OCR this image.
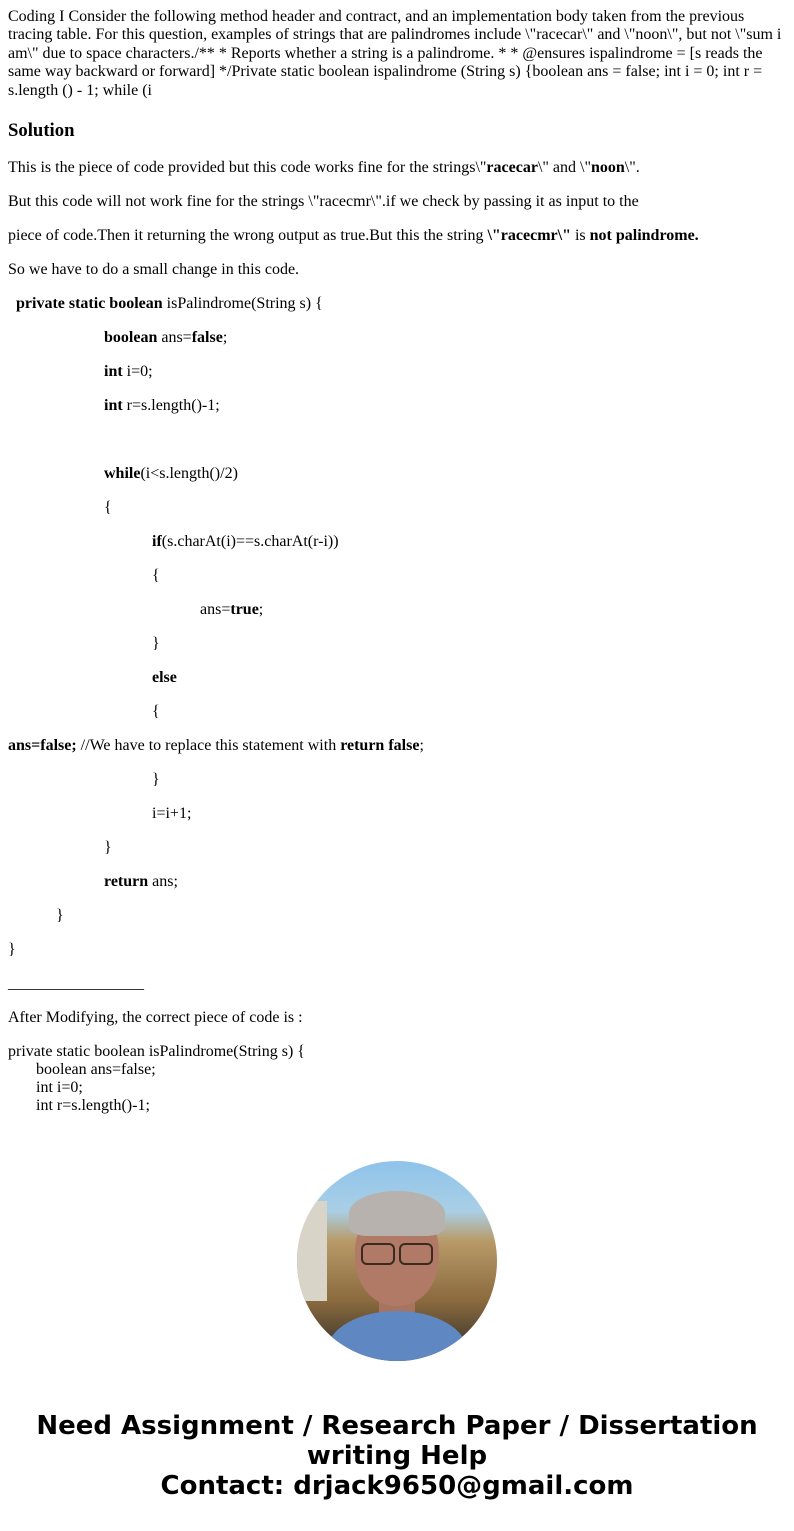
Coding I Consider the following method header and contract, and an implementation body taken from the previous tracing table. For this question, examples of strings that are palindromes include \"racecar\" and \"noon\", but not \"sum i am\" due to space characters./** * Reports whether a string is a palindrome. * * @ensures ispalindrome = [s reads the same way backward or forward] */Private static boolean ispalindrome (String s) {boolean ans = false; int i = 0; int r = s.length () - 1; while (i
Solution
This is the piece of code provided but this code works fine for the strings\"racecar\" and \"noon\".
But this code will not work fine for the strings \"racecmr\".if we check by passing it as input to the
piece of code.Then it returning the wrong output as true.But this the string \"racecmr\" is not palindrome.
So we have to do a small change in this code.
private static boolean isPalindrome(String s) {
boolean ans=false;
int i=0;
int r=s.length()-1;

while(i<s.length()/2)
{
if(s.charAt(i)==s.charAt(r-i))
{
ans=true;
}
else
{
ans=false; //We have to replace this statement with return false;
}
i=i+1;
}
return ans;
}
}
_________________
After Modifying, the correct piece of code is :
private static boolean isPalindrome(String s) {
boolean ans=false;
int i=0;
int r=s.length()-1;
Need Assignment / Research Paper / Dissertation
writing Help
Contact: drjack9650@gmail.com
